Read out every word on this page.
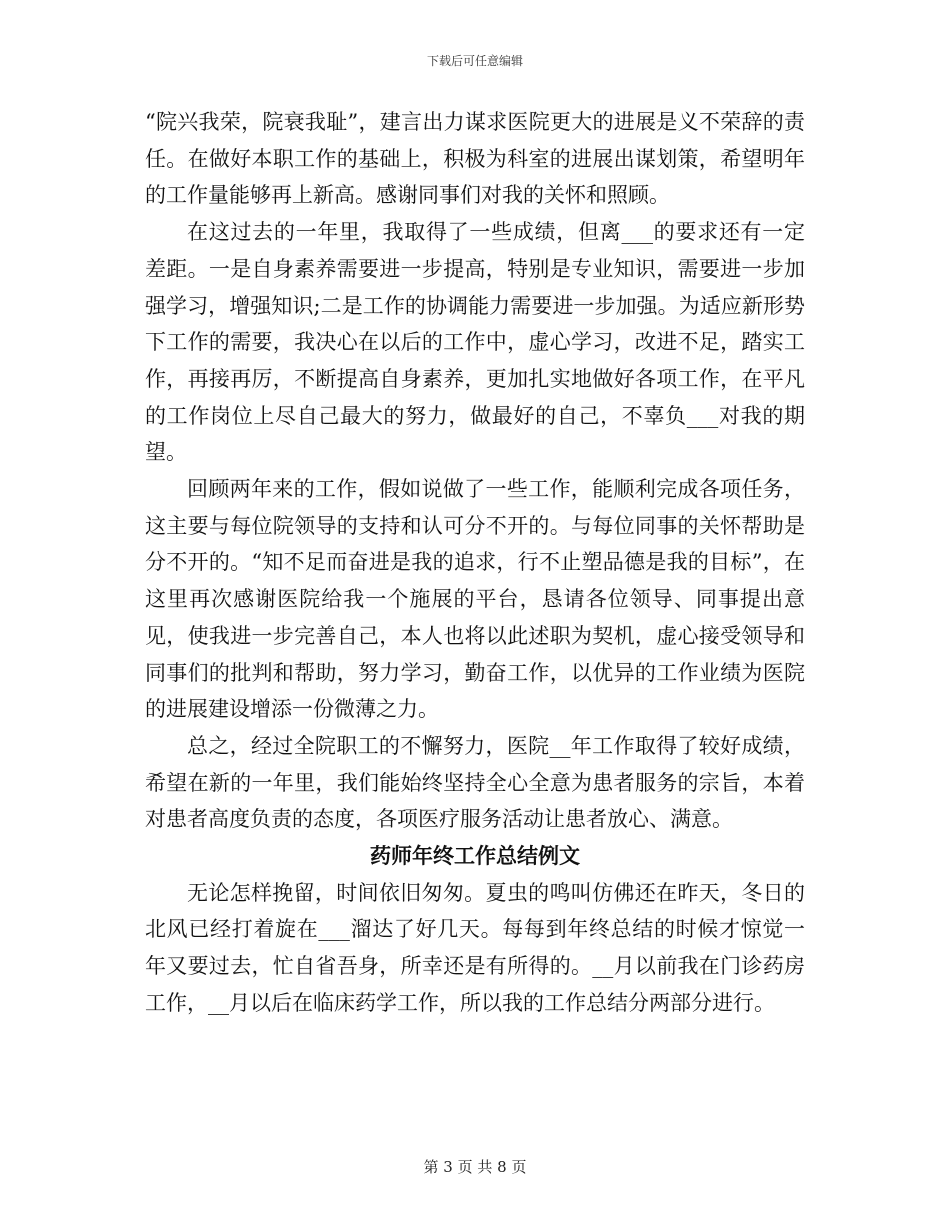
下载后可任意编辑

“院兴我荣，院衰我耻”，建言出力谋求医院更大的进展是义不荣辞的责任。在做好本职工作的基础上，积极为科室的进展出谋划策，希望明年的工作量能够再上新高。感谢同事们对我的关怀和照顾。

在这过去的一年里，我取得了一些成绩，但离___的要求还有一定差距。一是自身素养需要进一步提高，特别是专业知识，需要进一步加强学习，增强知识;二是工作的协调能力需要进一步加强。为适应新形势下工作的需要，我决心在以后的工作中，虚心学习，改进不足，踏实工作，再接再厉，不断提高自身素养，更加扎实地做好各项工作，在平凡的工作岗位上尽自己最大的努力，做最好的自己，不辜负___对我的期望。

回顾两年来的工作，假如说做了一些工作，能顺利完成各项任务，这主要与每位院领导的支持和认可分不开的。与每位同事的关怀帮助是分不开的。“知不足而奋进是我的追求，行不止塑品德是我的目标”，在这里再次感谢医院给我一个施展的平台，恳请各位领导、同事提出意见，使我进一步完善自己，本人也将以此述职为契机，虚心接受领导和同事们的批判和帮助，努力学习，勤奋工作，以优异的工作业绩为医院的进展建设增添一份微薄之力。

总之，经过全院职工的不懈努力，医院__年工作取得了较好成绩，希望在新的一年里，我们能始终坚持全心全意为患者服务的宗旨，本着对患者高度负责的态度，各项医疗服务活动让患者放心、满意。

药师年终工作总结例文

无论怎样挽留，时间依旧匆匆。夏虫的鸣叫仿佛还在昨天，冬日的北风已经打着旋在___溜达了好几天。每每到年终总结的时候才惊觉一年又要过去，忙自省吾身，所幸还是有所得的。__月以前我在门诊药房工作，__月以后在临床药学工作，所以我的工作总结分两部分进行。

第 3 页 共 8 页
